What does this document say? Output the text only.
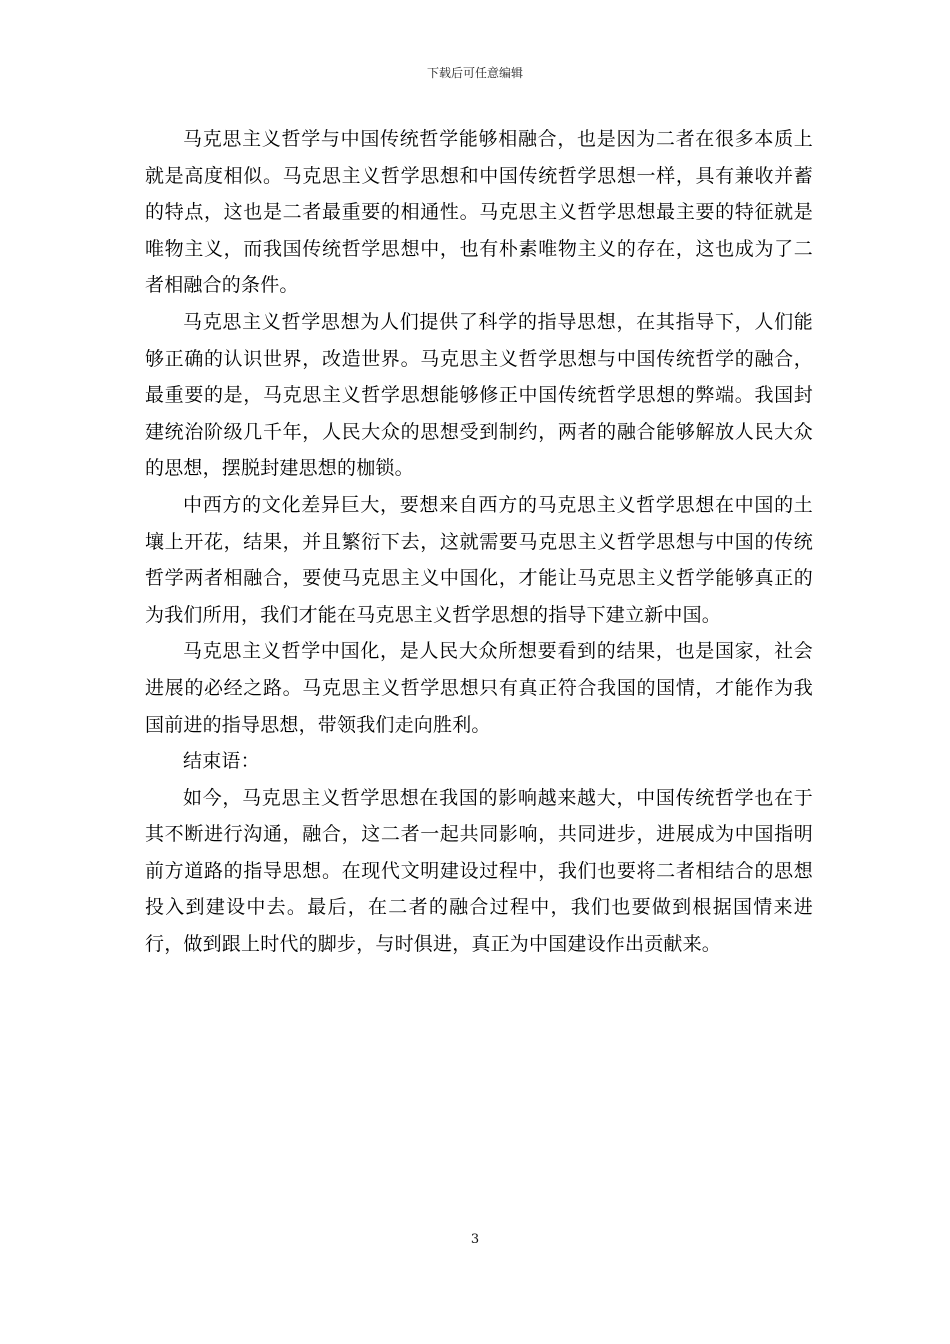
下载后可任意编辑

马克思主义哲学与中国传统哲学能够相融合，也是因为二者在很多本质上就是高度相似。马克思主义哲学思想和中国传统哲学思想一样，具有兼收并蓄的特点，这也是二者最重要的相通性。马克思主义哲学思想最主要的特征就是唯物主义，而我国传统哲学思想中，也有朴素唯物主义的存在，这也成为了二者相融合的条件。

马克思主义哲学思想为人们提供了科学的指导思想，在其指导下，人们能够正确的认识世界，改造世界。马克思主义哲学思想与中国传统哲学的融合，最重要的是，马克思主义哲学思想能够修正中国传统哲学思想的弊端。我国封建统治阶级几千年，人民大众的思想受到制约，两者的融合能够解放人民大众的思想，摆脱封建思想的枷锁。

中西方的文化差异巨大，要想来自西方的马克思主义哲学思想在中国的土壤上开花，结果，并且繁衍下去，这就需要马克思主义哲学思想与中国的传统哲学两者相融合，要使马克思主义中国化，才能让马克思主义哲学能够真正的为我们所用，我们才能在马克思主义哲学思想的指导下建立新中国。

马克思主义哲学中国化，是人民大众所想要看到的结果，也是国家，社会进展的必经之路。马克思主义哲学思想只有真正符合我国的国情，才能作为我国前进的指导思想，带领我们走向胜利。

结束语：

如今，马克思主义哲学思想在我国的影响越来越大，中国传统哲学也在于其不断进行沟通，融合，这二者一起共同影响，共同进步，进展成为中国指明前方道路的指导思想。在现代文明建设过程中，我们也要将二者相结合的思想投入到建设中去。最后，在二者的融合过程中，我们也要做到根据国情来进行，做到跟上时代的脚步，与时俱进，真正为中国建设作出贡献来。

3
